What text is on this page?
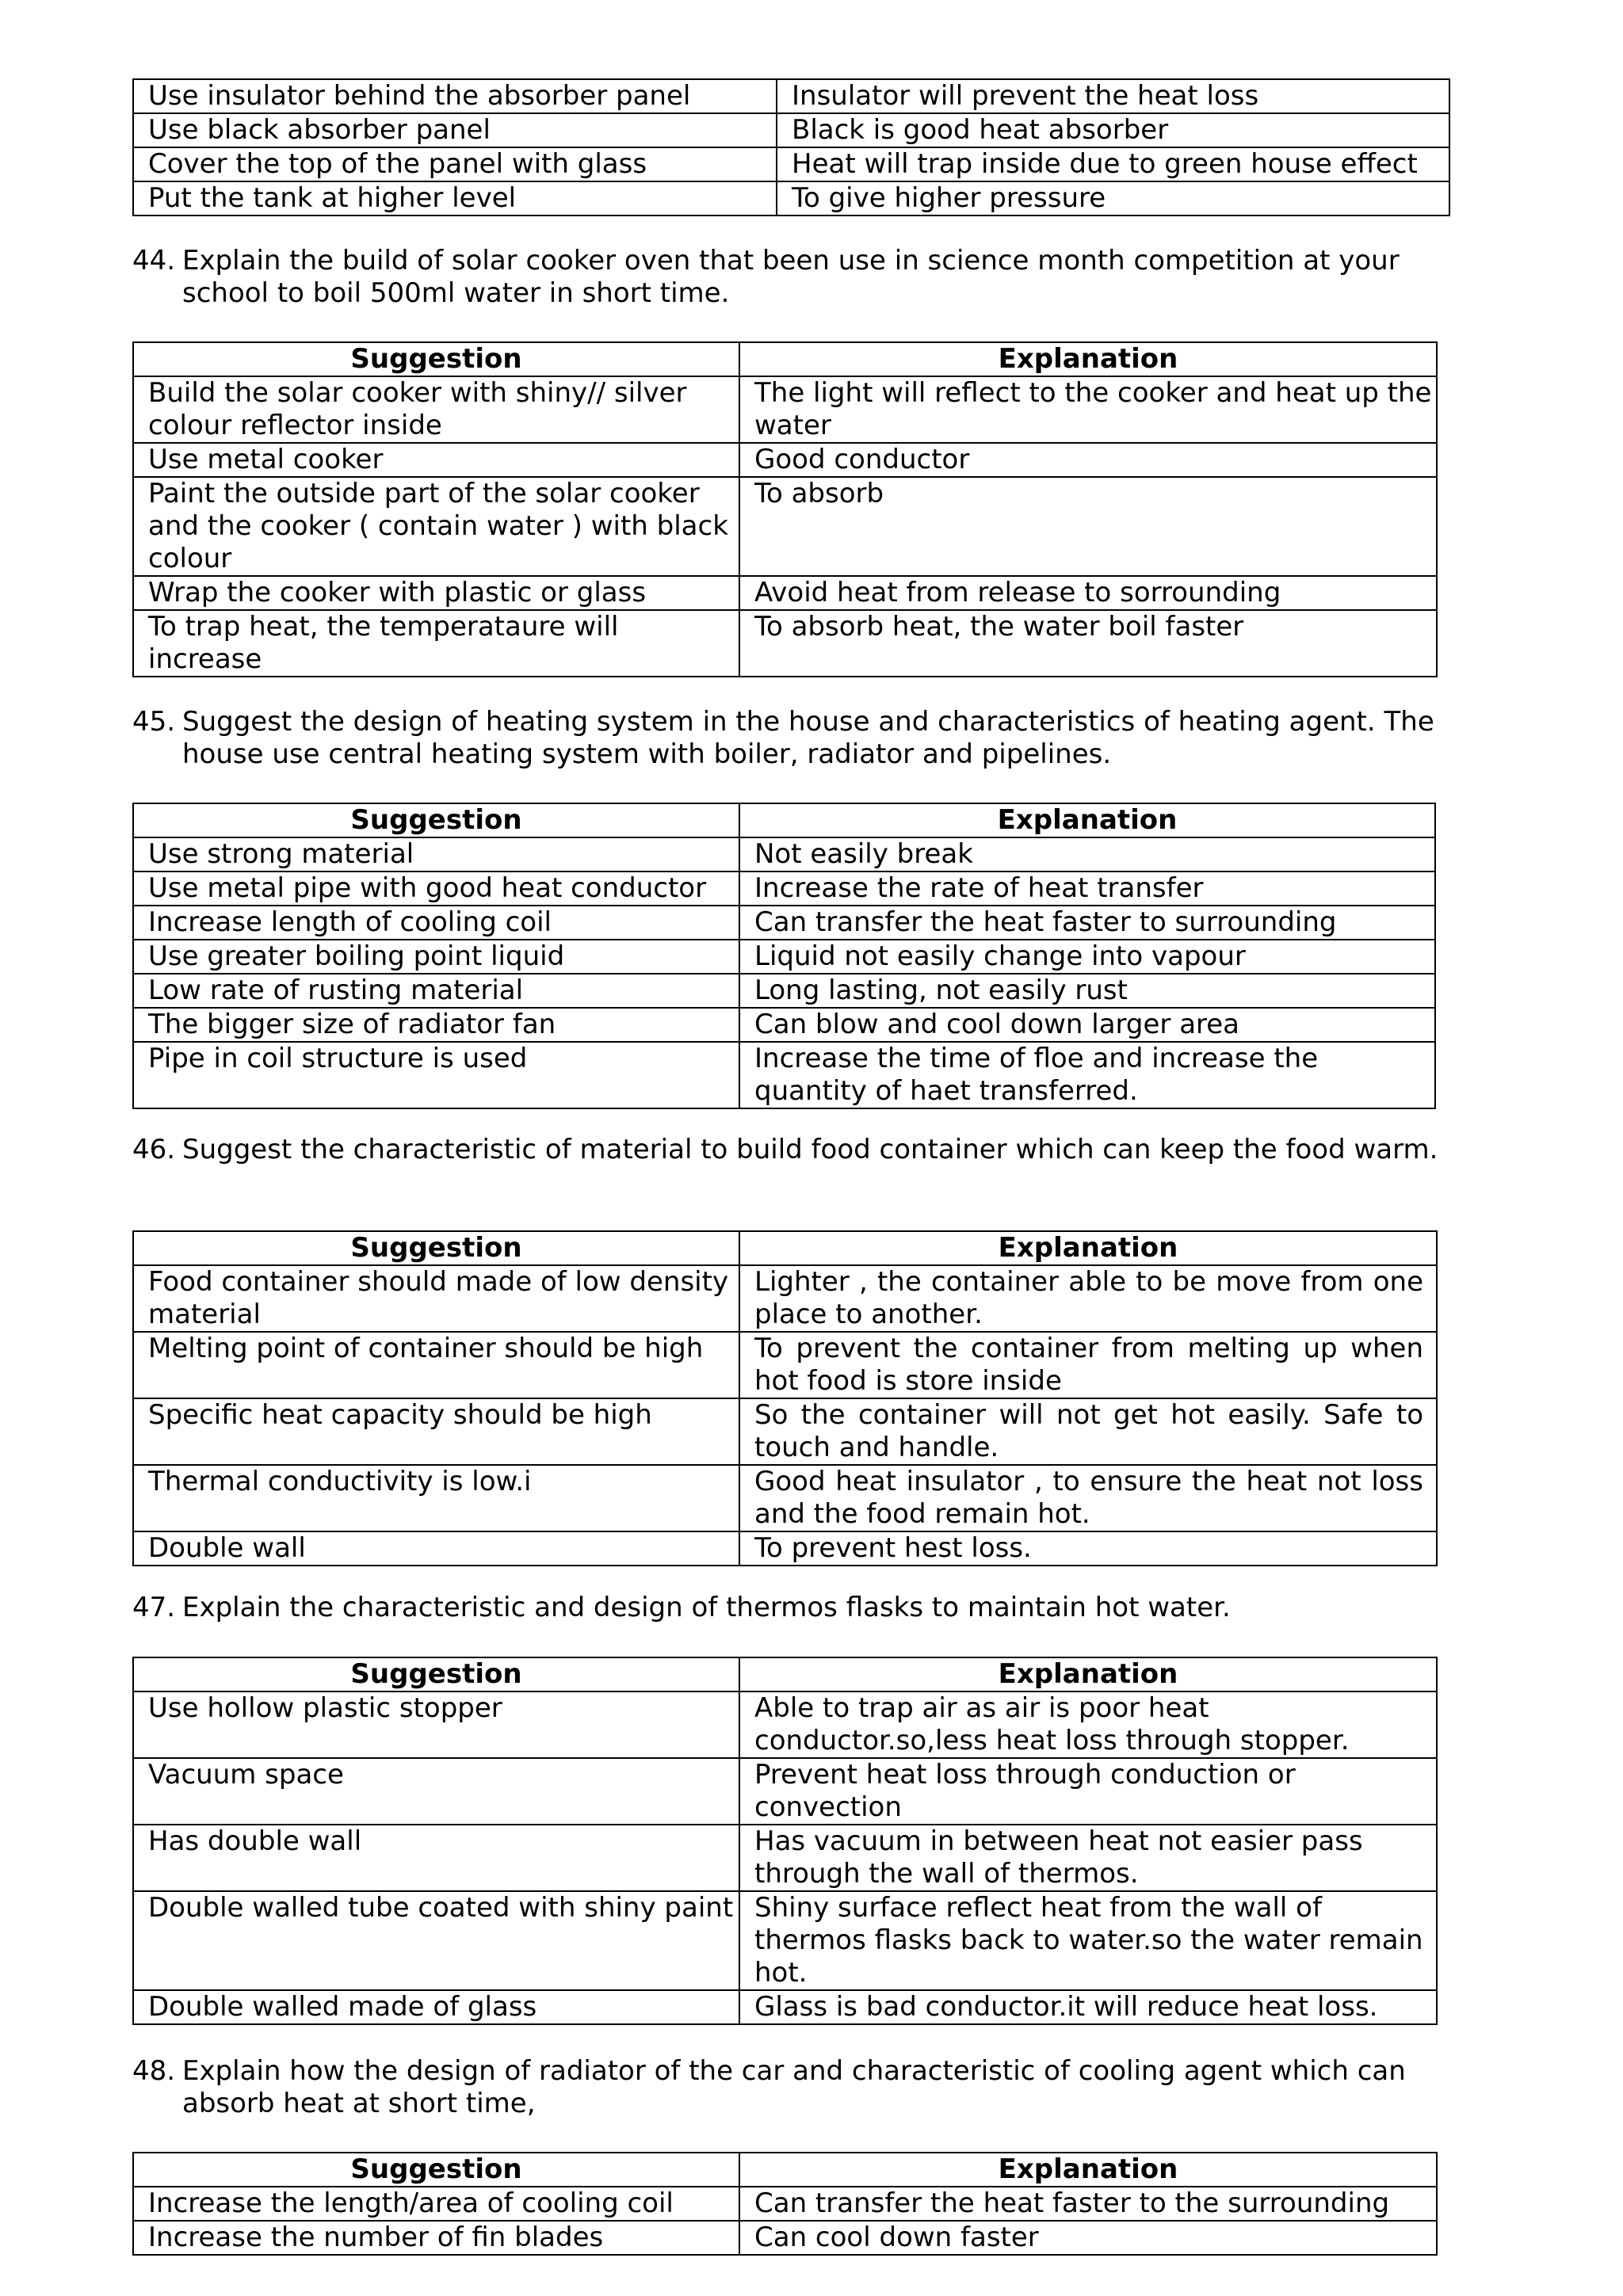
Use insulator behind the absorber panel	Insulator will prevent the heat loss
Use black absorber panel	Black is good heat absorber
Cover the top of the panel with glass	Heat will trap inside due to green house effect
Put the tank at higher level	To give higher pressure
44. Explain the build of solar cooker oven that been use in science month competition at your school to boil 500ml water in short time.
Suggestion	Explanation
Build the solar cooker with shiny// silver colour reflector inside	The light will reflect to the cooker and heat up the water
Use metal cooker	Good conductor
Paint the outside part of the solar cooker and the cooker ( contain water ) with black colour	To absorb
Wrap the cooker with plastic or glass	Avoid heat from release to sorrounding
To trap heat, the temperataure will increase	To absorb heat, the water boil faster
45. Suggest the design of heating system in the house and characteristics of heating agent. The house use central heating system with boiler, radiator and pipelines.
Suggestion	Explanation
Use strong material	Not easily break
Use metal pipe with good heat conductor	Increase the rate of heat transfer
Increase length of cooling coil	Can transfer the heat faster to surrounding
Use greater boiling point liquid	Liquid not easily change into vapour
Low rate of rusting material	Long lasting, not easily rust
The bigger size of radiator fan	Can blow and cool down larger area
Pipe in coil structure is used	Increase the time of floe and increase the quantity of haet transferred.
46. Suggest the characteristic of material to build food container which can keep the food warm.
Suggestion	Explanation
Food container should made of low density material	Lighter , the container able to be move from one place to another.
Melting point of container should be high	To prevent the container from melting up when hot food is store inside
Specific heat capacity should be high	So the container will not get hot easily. Safe to touch and handle.
Thermal conductivity is low.i	Good heat insulator , to ensure the heat not loss and the food remain hot.
Double wall	To prevent hest loss.
47. Explain the characteristic and design of thermos flasks to maintain hot water.
Suggestion	Explanation
Use hollow plastic stopper	Able to trap air as air is poor heat conductor.so,less heat loss through stopper.
Vacuum space	Prevent heat loss through conduction or convection
Has double wall	Has vacuum in between heat not easier pass through the wall of thermos.
Double walled tube coated with shiny paint	Shiny surface reflect heat from the wall of thermos flasks back to water.so the water remain hot.
Double walled made of glass	Glass is bad conductor.it will reduce heat loss.
48. Explain how the design of radiator of the car and characteristic of cooling agent which can absorb heat at short time,
Suggestion	Explanation
Increase the length/area of cooling coil	Can transfer the heat faster to the surrounding
Increase the number of fin blades	Can cool down faster
